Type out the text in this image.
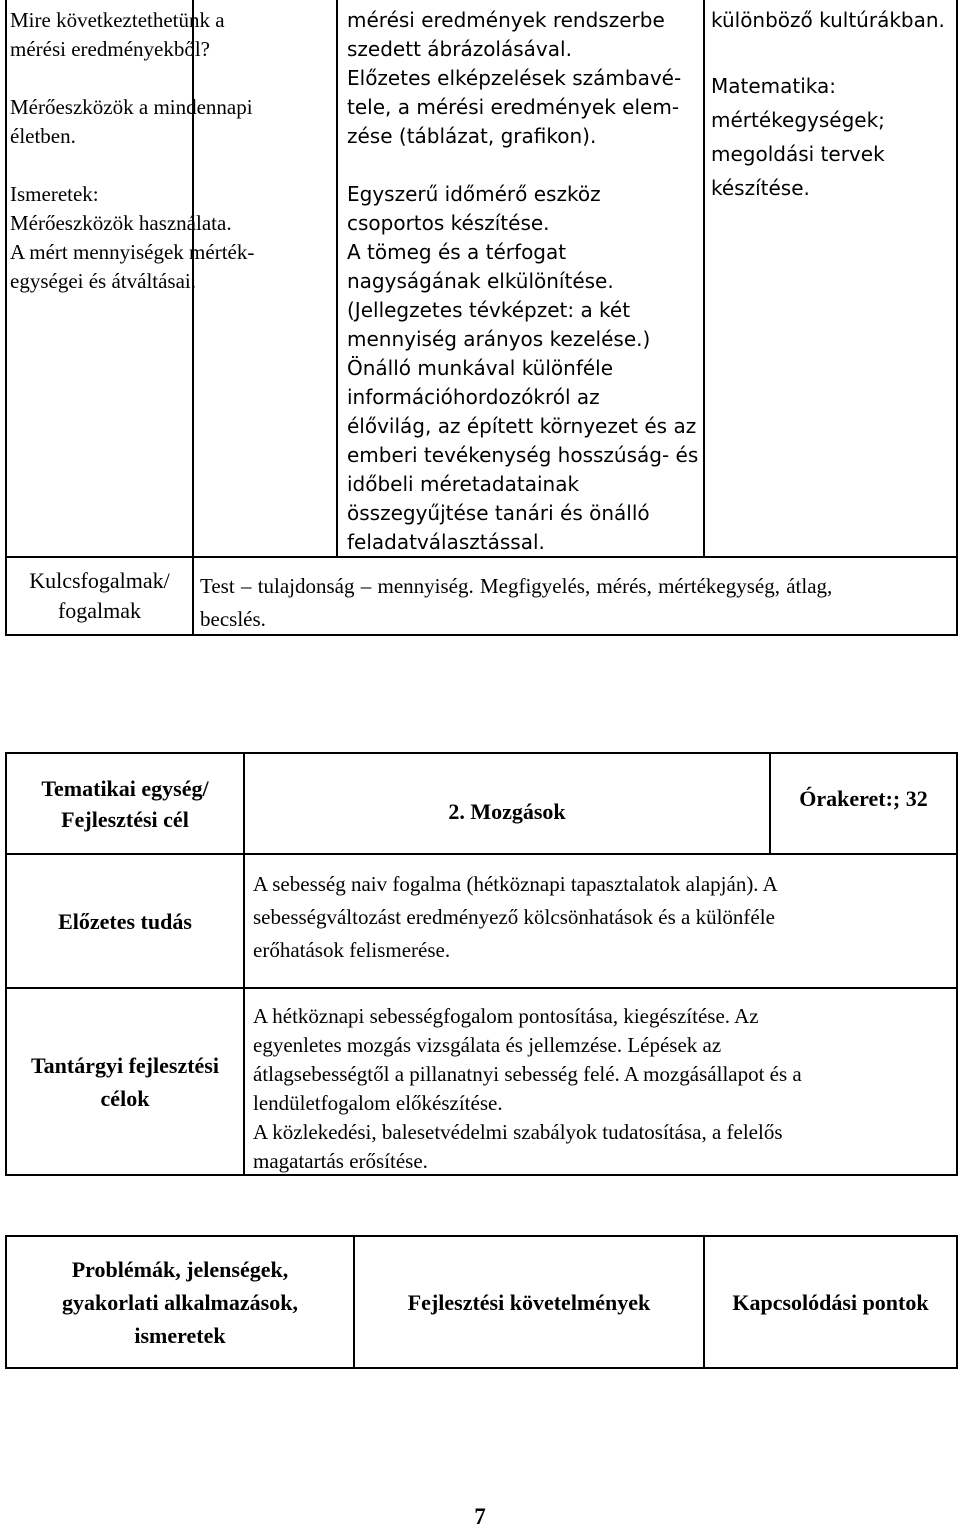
Mire következtethetünk a
mérési eredményekből?
Mérőeszközök a mindennapi
életben.
Ismeretek:
Mérőeszközök használata.
A mért mennyiségek mérték-
egységei és átváltásai.
mérési eredmények rendszerbe
szedett ábrázolásával.
Előzetes elképzelések számbavé-
tele, a mérési eredmények elem-
zése (táblázat, grafikon).
Egyszerű időmérő eszköz
csoportos készítése.
A tömeg és a térfogat
nagyságának elkülönítése.
(Jellegzetes tévképzet: a két
mennyiség arányos kezelése.)
Önálló munkával különféle
információhordozókról az
élővilág, az épített környezet és az
emberi tevékenység hosszúság- és
időbeli méretadatainak
összegyűjtése tanári és önálló
feladatválasztással.
különböző kultúrákban.
Matematika:
mértékegységek;
megoldási tervek
készítése.
Kulcsfogalmak/
fogalmak
Test – tulajdonság – mennyiség. Megfigyelés, mérés, mértékegység, átlag,
becslés.
Tematikai egység/
Fejlesztési cél	2. Mozgások
Órakeret:; 32
Előzetes tudás
A sebesség naiv fogalma (hétköznapi tapasztalatok alapján). A
sebességváltozást eredményező kölcsönhatások és a különféle
erőhatások felismerése.
Tantárgyi fejlesztési
célok
A hétköznapi sebességfogalom pontosítása, kiegészítése. Az
egyenletes mozgás vizsgálata és jellemzése. Lépések az
átlagsebességtől a pillanatnyi sebesség felé. A mozgásállapot és a
lendületfogalom előkészítése.
A közlekedési, balesetvédelmi szabályok tudatosítása, a felelős
magatartás erősítése.
Problémák, jelenségek,
gyakorlati alkalmazások,
ismeretek
Fejlesztési követelmények	Kapcsolódási pontok
7
